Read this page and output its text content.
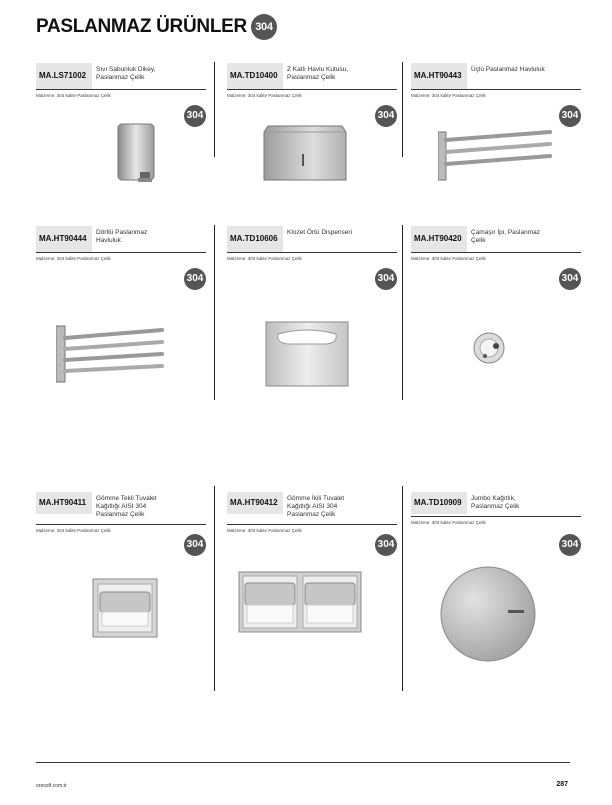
PASLANMAZ ÜRÜNLER 304
MA.LS71002
Sıvı Sabunluk Dikey, Paslanmaz Çelik
Malzeme: 304 kalite Paslanmaz Çelik
304
MA.TD10400
Z Katlı Havlu Kutusu, Paslanmaz Çelik
Malzeme: 304 kalite Paslanmaz Çelik
304
MA.HT90443
Üçlü Paslanmaz Havluluk
Malzeme: 304 kalite Paslanmaz Çelik
304
MA.HT90444
Dörtlü Paslanmaz Havluluk
Malzeme: 304 kalite Paslanmaz Çelik
304
MA.TD10606
Klozet Örtü Dispenseri
Malzeme: 304 kalite Paslanmaz Çelik
304
MA.HT90420
Çamaşır İpi, Paslanmaz Çelik
Malzeme: 304 kalite Paslanmaz Çelik
304
MA.HT90411	Gömme Tekli Tuvalet Kağıtlığı AISI 304 Paslanmaz Çelik
Malzeme: 304 kalite Paslanmaz Çelik
304
MA.HT90412	Gömme İkili Tuvalet Kağıtlığı AISI 304 Paslanmaz Çelik
Malzeme: 304 kalite Paslanmaz Çelik
304
MA.TD10909	Jumbo Kağıtlık, Paslanmaz Çelik
Malzeme: 304 kalite Paslanmaz Çelik
304
oresoft.com.tr	287
